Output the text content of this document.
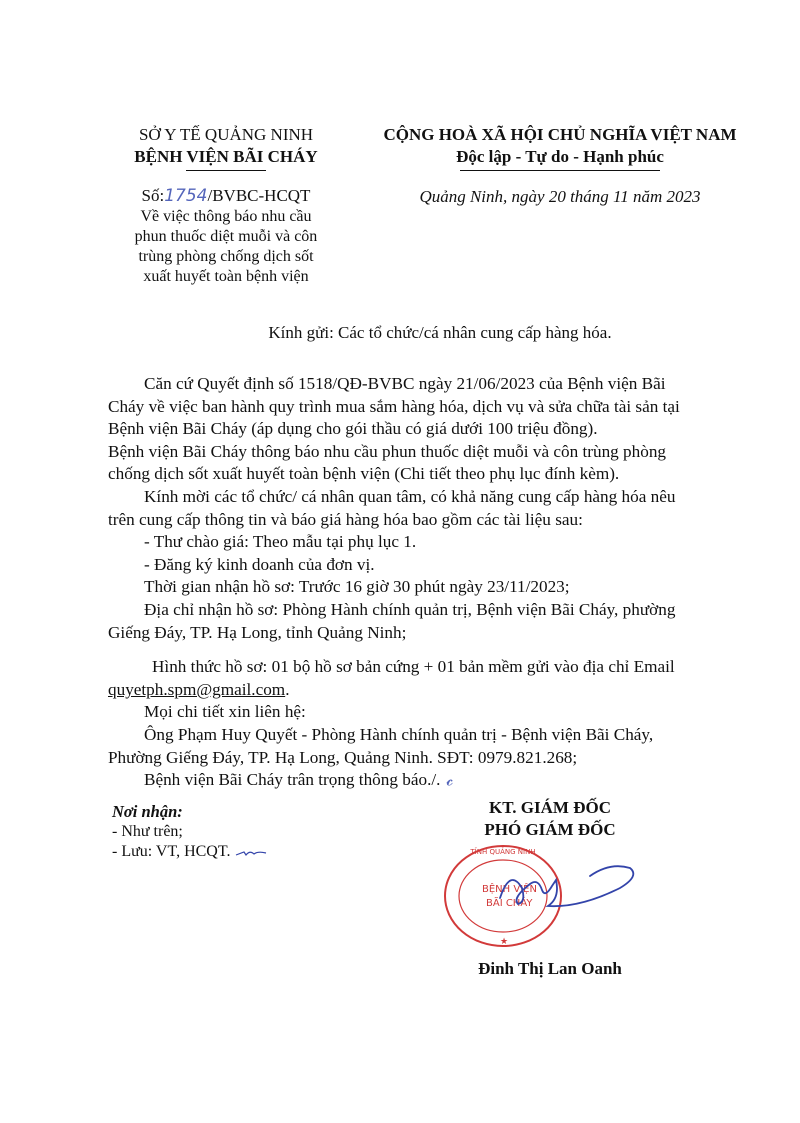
SỞ Y TẾ QUẢNG NINH
BỆNH VIỆN BÃI CHÁY
CỘNG HOÀ XÃ HỘI CHỦ NGHĨA VIỆT NAM
Độc lập - Tự do - Hạnh phúc
Số:1754/BVBC-HCQT
Về việc thông báo nhu cầu
phun thuốc diệt muỗi và côn
trùng phòng chống dịch sốt
xuất huyết toàn bệnh viện
Quảng Ninh, ngày 20 tháng 11 năm 2023
Kính gửi: Các tổ chức/cá nhân cung cấp hàng hóa.
Căn cứ Quyết định số 1518/QĐ-BVBC ngày 21/06/2023 của Bệnh viện Bãi
Cháy về việc ban hành quy trình mua sắm hàng hóa, dịch vụ và sửa chữa tài sản tại
Bệnh viện Bãi Cháy (áp dụng cho gói thầu có giá dưới 100 triệu đồng).
Bệnh viện Bãi Cháy thông báo nhu cầu phun thuốc diệt muỗi và côn trùng phòng
chống dịch sốt xuất huyết toàn bệnh viện (Chi tiết theo phụ lục đính kèm).
Kính mời các tổ chức/ cá nhân quan tâm, có khả năng cung cấp hàng hóa nêu
trên cung cấp thông tin và báo giá hàng hóa bao gồm các tài liệu sau:
- Thư chào giá: Theo mẫu tại phụ lục 1.
- Đăng ký kinh doanh của đơn vị.
Thời gian nhận hồ sơ: Trước 16 giờ 30 phút ngày 23/11/2023;
Địa chỉ nhận hồ sơ: Phòng Hành chính quản trị, Bệnh viện Bãi Cháy, phường
Giếng Đáy, TP. Hạ Long, tỉnh Quảng Ninh;
Hình thức hồ sơ: 01 bộ hồ sơ bản cứng + 01 bản mềm gửi vào địa chỉ Email
quyetph.spm@gmail.com.
Mọi chi tiết xin liên hệ:
Ông Phạm Huy Quyết - Phòng Hành chính quản trị - Bệnh viện Bãi Cháy,
Phường Giếng Đáy, TP. Hạ Long, Quảng Ninh. SĐT: 0979.821.268;
Bệnh viện Bãi Cháy trân trọng thông báo./. 𝓬
Nơi nhận:
- Như trên;
- Lưu: VT, HCQT.
KT. GIÁM ĐỐC
PHÓ GIÁM ĐỐC
TỈNH QUẢNG NINH
BỆNH VIỆN
BÃI CHÁY
★
Đinh Thị Lan Oanh
